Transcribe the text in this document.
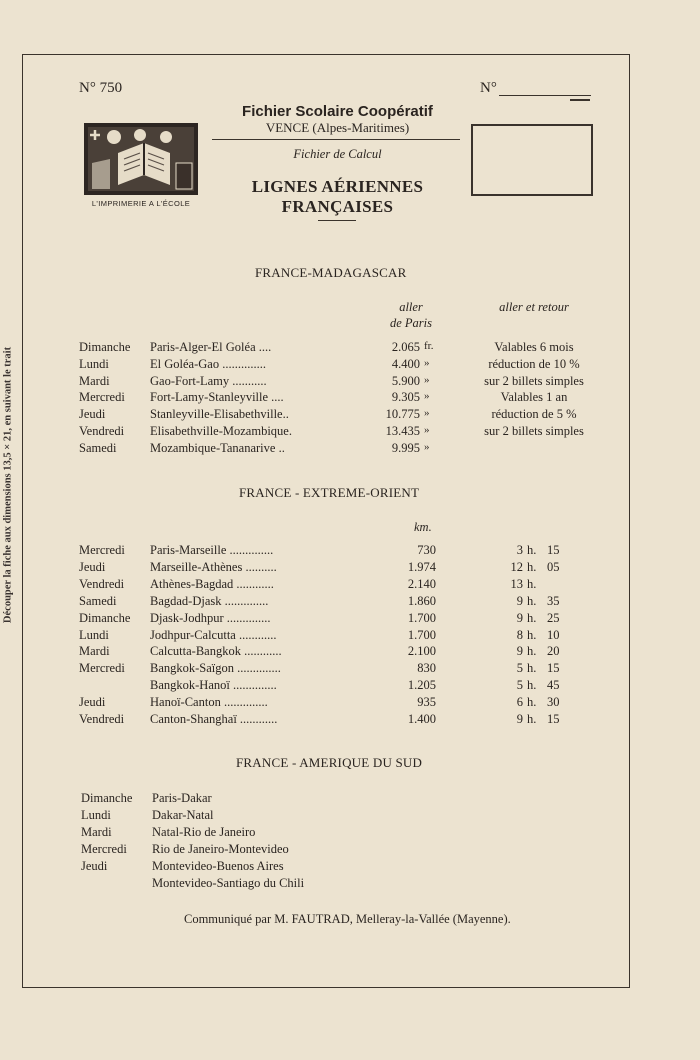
Découper la fiche aux dimensions 13,5 × 21, en suivant le trait
N° 750	N°
L'IMPRIMERIE A L'ÉCOLE
Fichier Scolaire Coopératif
VENCE (Alpes-Maritimes)
Fichier de Calcul
LIGNES AÉRIENNES
FRANÇAISES
FRANCE-MADAGASCAR
aller
de Paris
aller et retour
Dimanche Paris-Alger-El Goléa ....	2.065 fr.	Valables 6 mois
Lundi	El Goléa-Gao ..............	4.400 »	réduction de 10 %
Mardi	Gao-Fort-Lamy ...........	5.900 »	sur 2 billets simples
Mercredi Fort-Lamy-Stanleyville ....	9.305 »	Valables 1 an
Jeudi	Stanleyville-Elisabethville..	10.775 »	réduction de 5 %
Vendredi Elisabethville-Mozambique.	13.435 »	sur 2 billets simples
Samedi	Mozambique-Tananarive ..	9.995 »
FRANCE - EXTREME-ORIENT
km.
Mercredi Paris-Marseille ..............	730	3 h. 15
Jeudi	Marseille-Athènes ..........	1.974	12 h. 05
Vendredi Athènes-Bagdad ............	2.140	13 h.
Samedi	Bagdad-Djask ..............	1.860	9 h. 35
Dimanche Djask-Jodhpur ..............	1.700	9 h. 25
Lundi	Jodhpur-Calcutta ............	1.700	8 h. 10
Mardi	Calcutta-Bangkok ............	2.100	9 h. 20
Mercredi Bangkok-Saïgon ..............	830	5 h. 15
Bangkok-Hanoï ..............	1.205	5 h. 45
Jeudi	Hanoï-Canton ..............	935	6 h. 30
Vendredi Canton-Shanghaï ............	1.400	9 h. 15
FRANCE - AMERIQUE DU SUD
Dimanche Paris-Dakar
Lundi	Dakar-Natal
Mardi	Natal-Rio de Janeiro
Mercredi Rio de Janeiro-Montevideo
Jeudi	Montevideo-Buenos Aires
Montevideo-Santiago du Chili
Communiqué par M. FAUTRAD, Melleray-la-Vallée (Mayenne).
